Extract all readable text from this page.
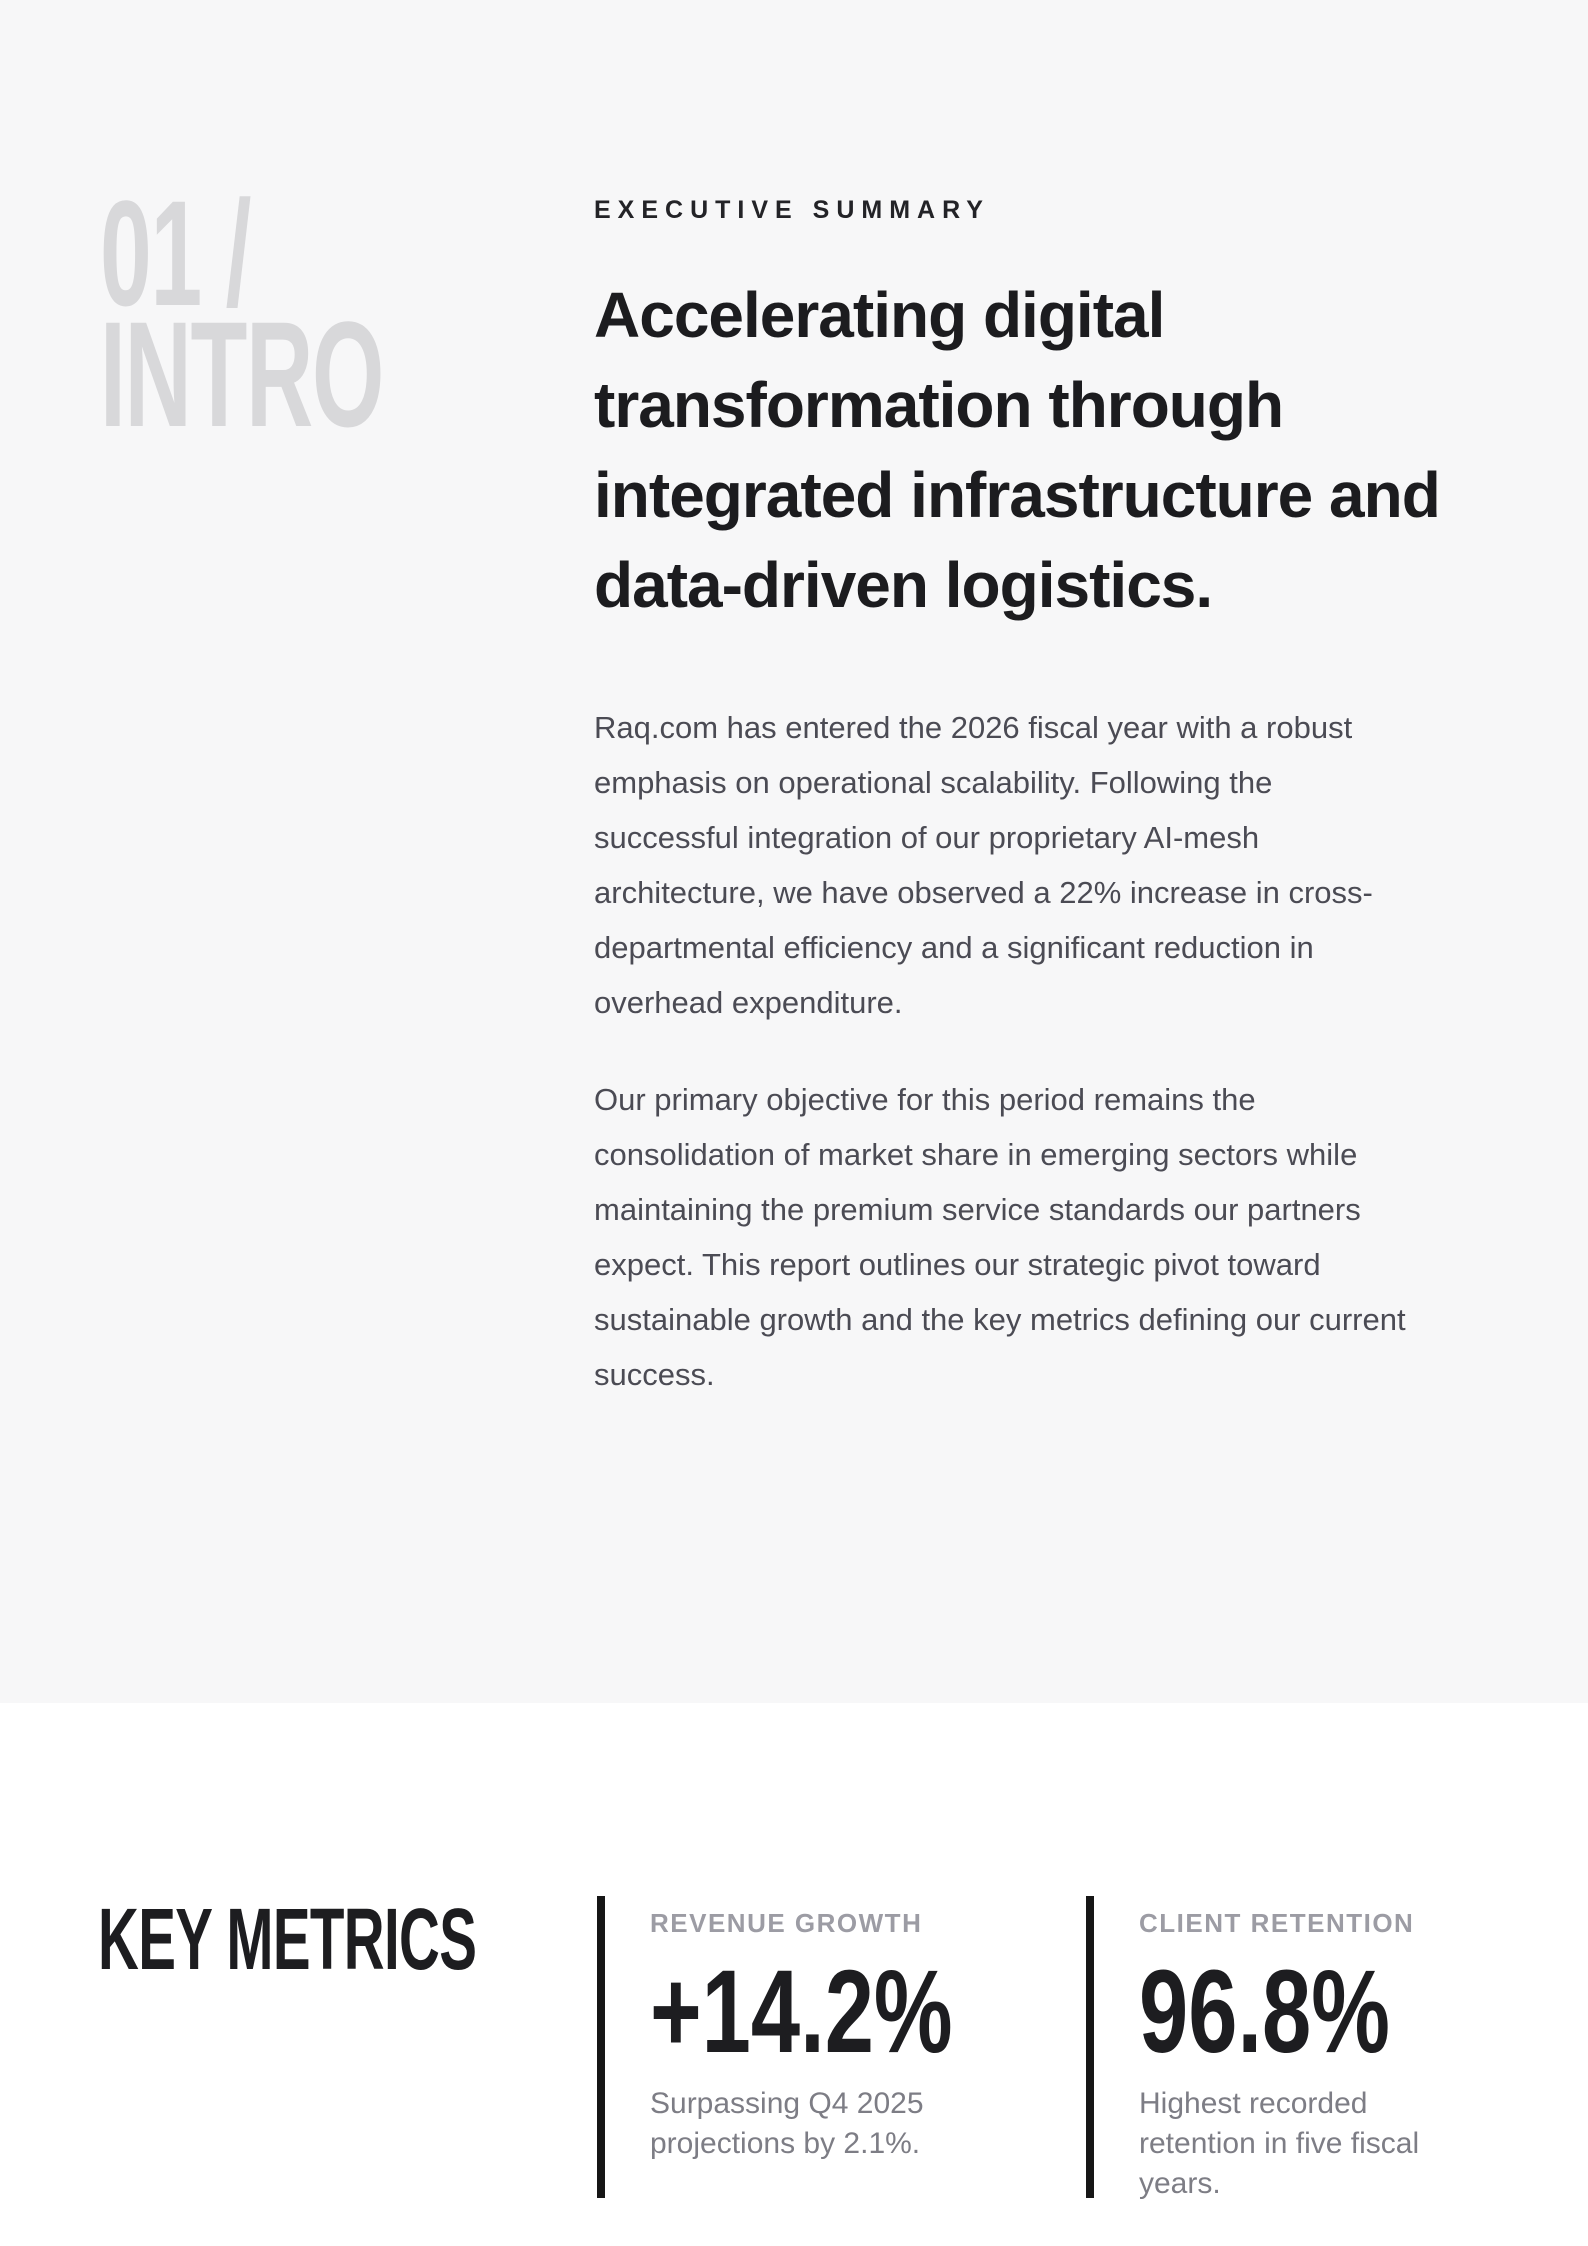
01 /
INTRO
EXECUTIVE SUMMARY
Accelerating digital transformation through integrated infrastructure and data-driven logistics.

Raq.com has entered the 2026 fiscal year with a robust emphasis on operational scalability. Following the successful integration of our proprietary AI-mesh architecture, we have observed a 22% increase in cross-departmental efficiency and a significant reduction in overhead expenditure.

Our primary objective for this period remains the consolidation of market share in emerging sectors while maintaining the premium service standards our partners expect. This report outlines our strategic pivot toward sustainable growth and the key metrics defining our current success.

KEY METRICS	REVENUE GROWTH
+14.2%
Surpassing Q4 2025 projections by 2.1%.
CLIENT RETENTION
96.8%
Highest recorded retention in five fiscal years.
